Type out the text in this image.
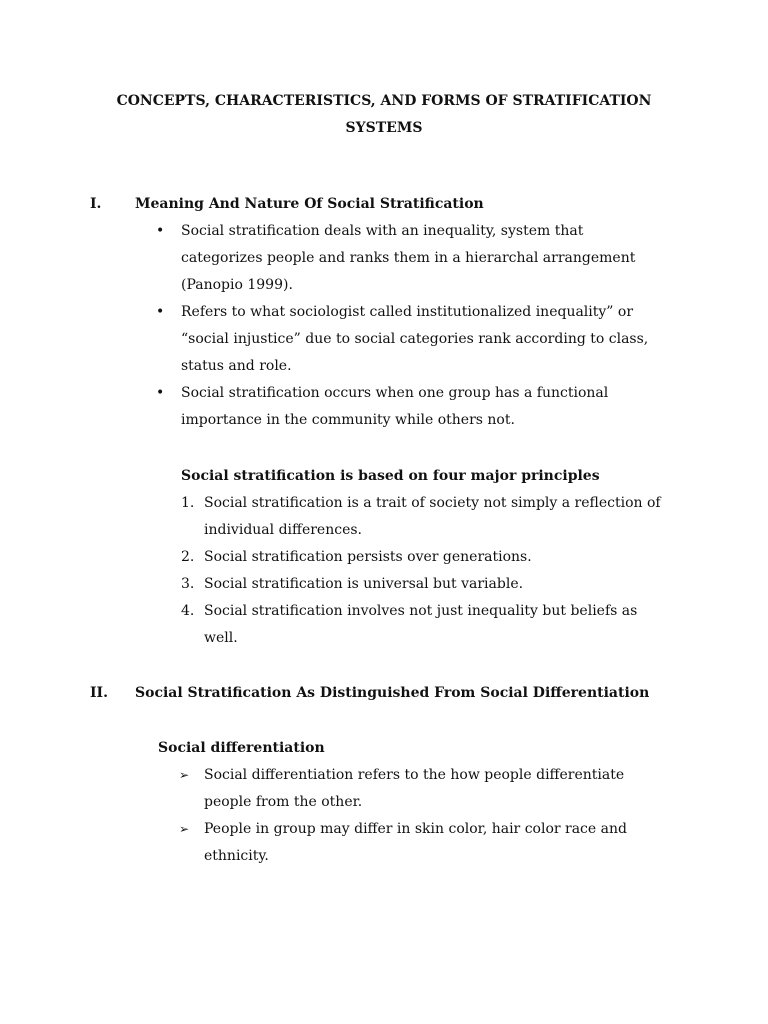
CONCEPTS, CHARACTERISTICS, AND FORMS OF STRATIFICATION
SYSTEMS
I. Meaning And Nature Of Social Stratification
• Social stratification deals with an inequality, system that
categorizes people and ranks them in a hierarchal arrangement
(Panopio 1999).
• Refers to what sociologist called institutionalized inequality” or
“social injustice” due to social categories rank according to class,
status and role.
• Social stratification occurs when one group has a functional
importance in the community while others not.
Social stratification is based on four major principles
1. Social stratification is a trait of society not simply a reflection of
individual differences.
2. Social stratification persists over generations.
3. Social stratification is universal but variable.
4. Social stratification involves not just inequality but beliefs as
well.
II. Social Stratification As Distinguished From Social Differentiation
Social differentiation
➢ Social differentiation refers to the how people differentiate
people from the other.
➢ People in group may differ in skin color, hair color race and
ethnicity.
